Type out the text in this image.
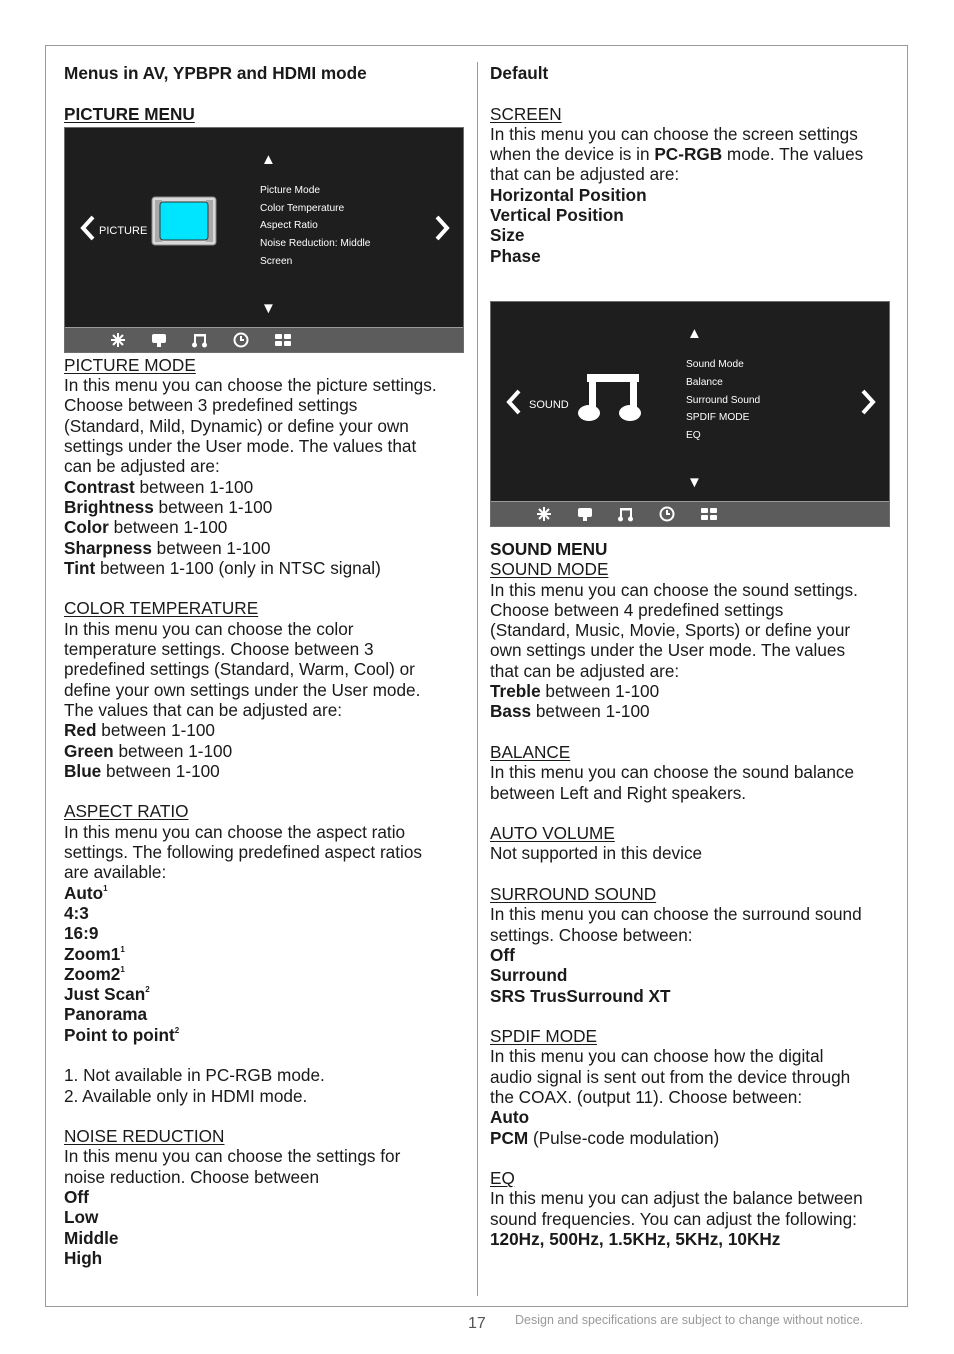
Menus in AV, YPBPR and HDMI mode

PICTURE MENU

▲
PICTURE
Picture Mode
Color Temperature
Aspect Ratio
Noise Reduction: Middle
Screen
▼

PICTURE MODE

In this menu you can choose the picture settings.

Choose between 3 predefined settings

(Standard, Mild, Dynamic) or define your own

settings under the User mode. The values that

can be adjusted are:

Contrast between 1-100

Brightness between 1-100

Color between 1-100

Sharpness between 1-100

Tint between 1-100 (only in NTSC signal)

COLOR TEMPERATURE

In this menu you can choose the color

temperature settings. Choose between 3

predefined settings (Standard, Warm, Cool) or

define your own settings under the User mode.

The values that can be adjusted are:

Red between 1-100

Green between 1-100

Blue between 1-100

ASPECT RATIO

In this menu you can choose the aspect ratio

settings. The following predefined aspect ratios

are available:

Auto$^1$

4:3

16:9

$Zoom1^1$

$Zoom2^1$

Just Scan$^2$

Panorama

Point to point$^2$

1. Not available in PC-RGB mode.

2. Available only in HDMI mode.

NOISE REDUCTION

In this menu you can choose the settings for

noise reduction. Choose between

Off

Low

Middle

High

Default

SCREEN

In this menu you can choose the screen settings

when the device is in PC-RGB mode. The values

that can be adjusted are:

Horizontal Position

Vertical Position

Size

Phase

▲
SOUND
Sound Mode
Balance
Surround Sound
SPDIF MODE
EQ
▼

SOUND MENU

SOUND MODE

In this menu you can choose the sound settings.

Choose between 4 predefined settings

(Standard, Music, Movie, Sports) or define your

own settings under the User mode. The values

that can be adjusted are:

Treble between 1-100

Bass between 1-100

BALANCE

In this menu you can choose the sound balance

between Left and Right speakers.

AUTO VOLUME

Not supported in this device

SURROUND SOUND

In this menu you can choose the surround sound

settings. Choose between:

Off

Surround

SRS TrusSurround XT

SPDIF MODE

In this menu you can choose how the digital

audio signal is sent out from the device through

the COAX. (output 11). Choose between:

Auto

PCM (Pulse-code modulation)

EQ

In this menu you can adjust the balance between

sound frequencies. You can adjust the following:

120Hz, 500Hz, 1.5KHz, 5KHz, 10KHz

17 Design and specifications are subject to change without notice.
